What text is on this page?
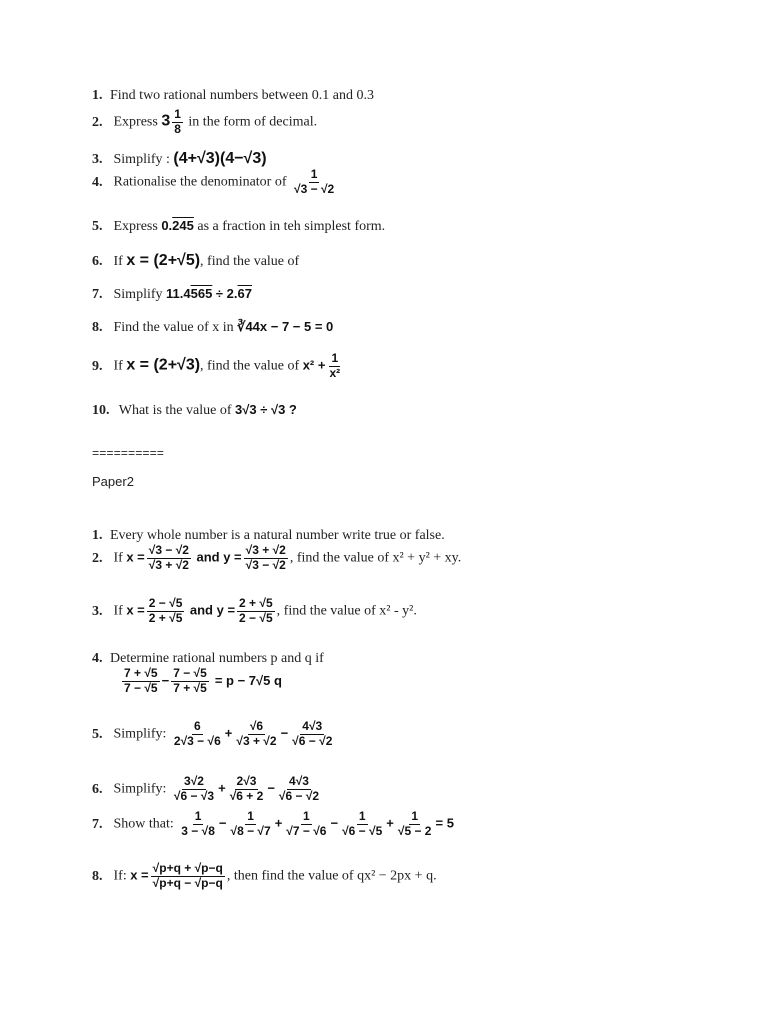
1. Find two rational numbers between 0.1 and 0.3
2. Express $3 \frac{1}{8}$ in the form of decimal.
3. Simplify : (4+√3)(4−√3)
4. Rationalise the denominator of $\frac{1}{√3 - √2}$
5. Express 0.245 as a fraction in teh simplest form.
6. If x = (2+√5), find the value of
7. Simplify 11.4565 ÷ 2.67
8. Find the value of x in ∛44x − 7 − 5 = 0
9. If x = (2+√3), find the value of $x^2 + \frac{1}{\text{x²}}$
10. What is the value of 3√3 ÷ √3 ?
==========
Paper2
1. Every whole number is a natural number write true or false.
2. If $x = \frac{√3 - √2}{√3 + √2}$ and $y = \frac{√3 + √2}{√3 - √2}$ , find the value of x² + y² + xy.
3. If $x = \frac{2 - √5}{2 + √5}$ and $y = \frac{2 + √5}{2 - √5}$ , find the value of x² - y².
4. Determine rational numbers p and q if
$\frac{7 + √5}{7 - √5} - \frac{7 - √5}{7 + √5} = p - 7√5$ q
5. Simplify: $\frac{6}{2√3 - √6} + \frac{√6}{√3 + √2} - \frac{4√3}{√6 - √2}$
6. Simplify: $\frac{3√2}{√6 - √3} + \frac{2√3}{√6 + 2} - \frac{4√3}{√6 - √2}$
7. Show that: $\frac{1}{3 - √8} - \frac{1}{√8 - √7} + \frac{1}{√7 - √6} - \frac{1}{√6 - √5} + \frac{1}{√5 - 2} = 5$
8. If: $x = \frac{√p+q + √p-q}{√p+q - √p-q}$ , then find the value of qx² − 2px + q.
